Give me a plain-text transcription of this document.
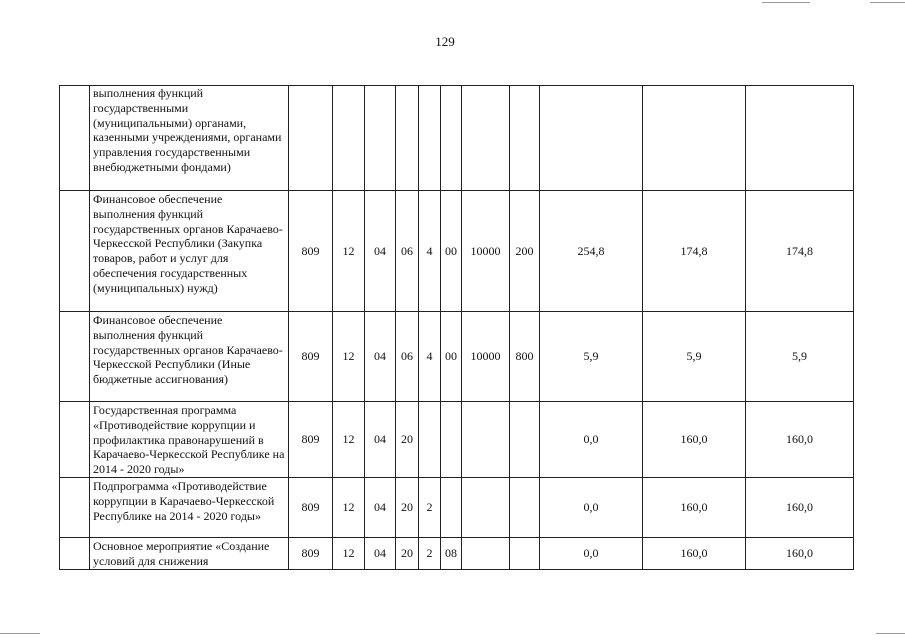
129
	выполнения функций государственными (муниципальными) органами, казенными учреждениями, органами управления государственными внебюджетными фондами)											
	Финансовое обеспечение выполнения функций государственных органов Карачаево-Черкесской Республики (Закупка товаров, работ и услуг для обеспечения государственных (муниципальных) нужд)	809	12	04	06	4	00	10000	200	254,8	174,8	174,8
	Финансовое обеспечение выполнения функций государственных органов Карачаево-Черкесской Республики (Иные бюджетные ассигнования)	809	12	04	06	4	00	10000	800	5,9	5,9	5,9
	Государственная программа «Противодействие коррупции и профилактика правонарушений в Карачаево-Черкесской Республике на 2014 - 2020 годы»	809	12	04	20					0,0	160,0	160,0
	Подпрограмма «Противодействие коррупции в Карачаево-Черкесской Республике на 2014 - 2020 годы»	809	12	04	20	2				0,0	160,0	160,0
	Основное мероприятие «Создание условий для снижения	809	12	04	20	2	08			0,0	160,0	160,0
